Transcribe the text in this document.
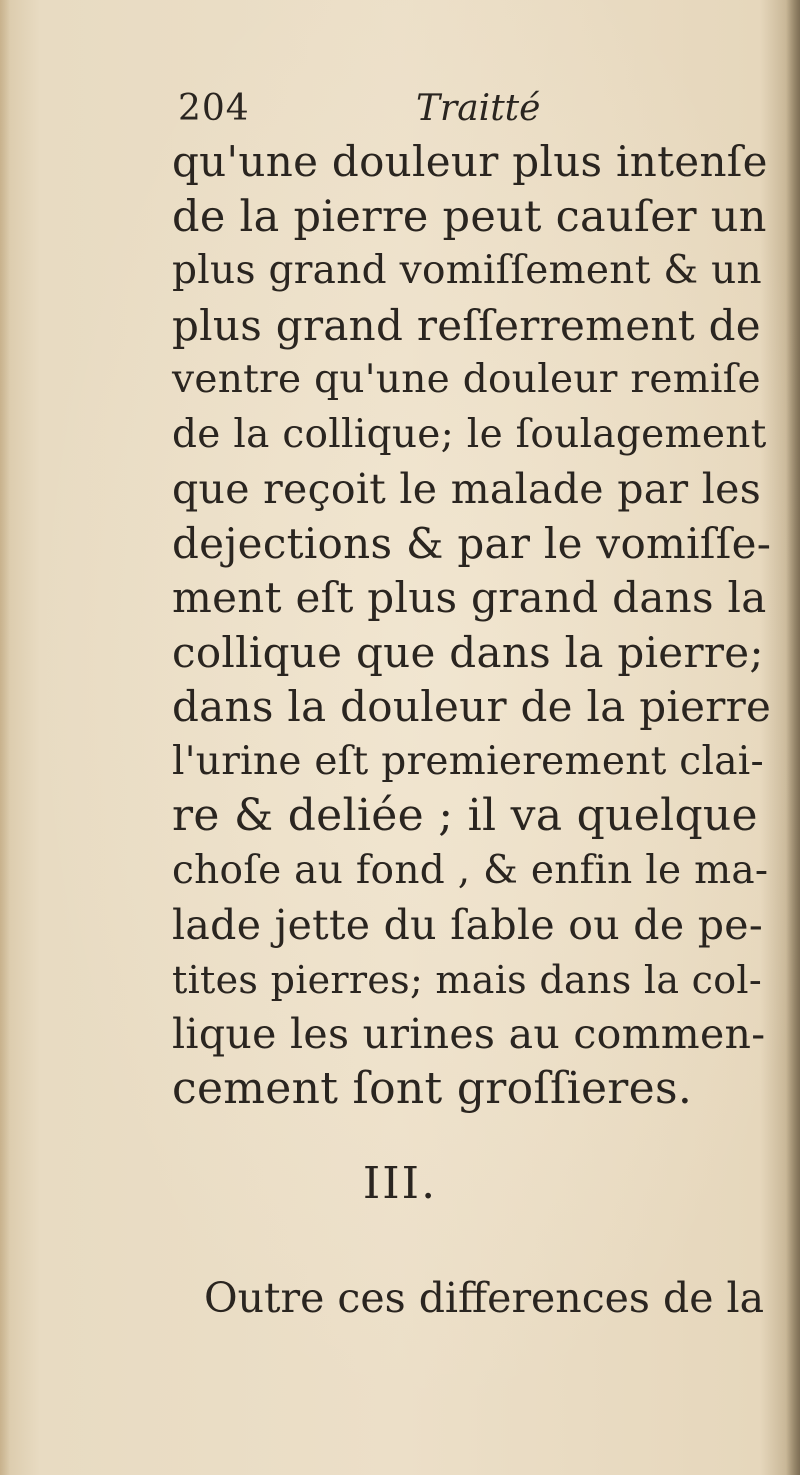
204	Traitté
qu'une douleur plus intenſe
de la pierre peut cauſer un
plus grand vomiſſement & un
plus grand reſſerrement de
ventre qu'une douleur remiſe
de la collique; le ſoulagement
que reçoit le malade par les
dejections & par le vomiſſe-
ment eſt plus grand dans la
collique que dans la pierre;
dans la douleur de la pierre
l'urine eſt premierement clai-
re & deliée ; il va quelque
choſe au fond , & enfin le ma-
lade jette du ſable ou de pe-
tites pierres; mais dans la col-
lique les urines au commen-
cement ſont groſſieres.
III.
Outre ces differences de la
